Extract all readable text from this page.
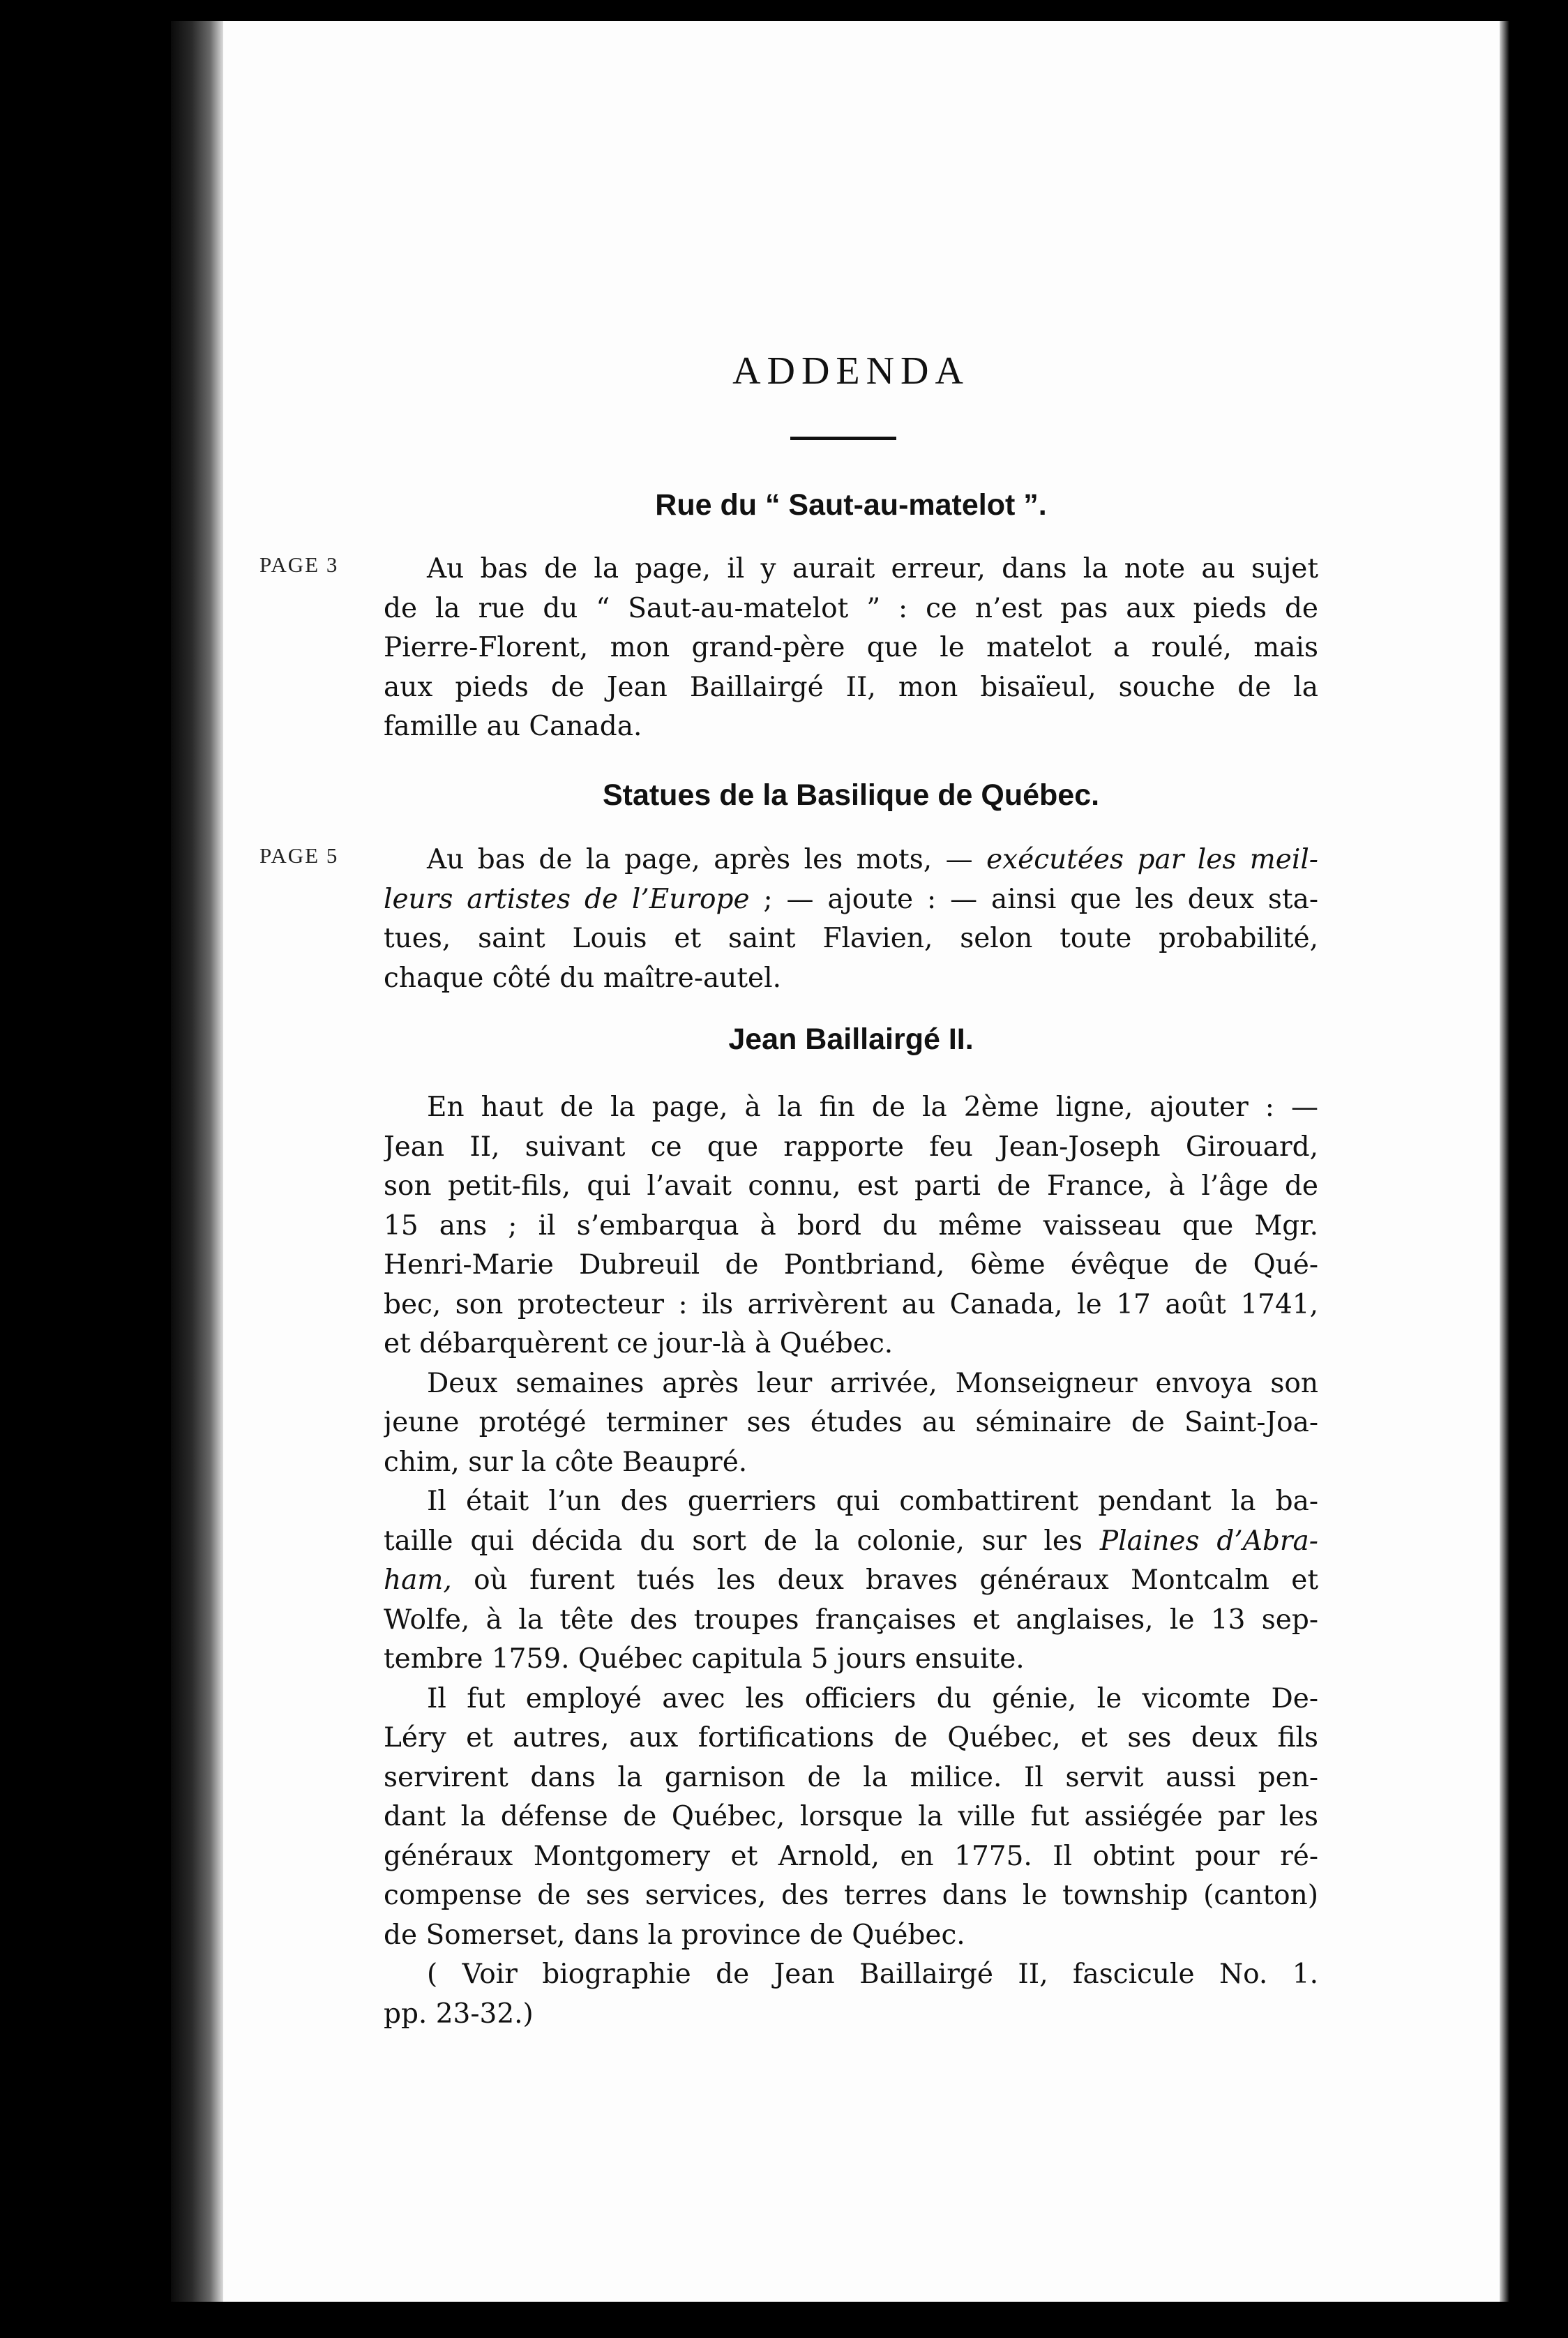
PAGE 3
PAGE 5
ADDENDA
Rue du “ Saut-au-matelot ”.
Au bas de la page, il y aurait erreur, dans la note au sujet
de la rue du “ Saut-au-matelot ” : ce n’est pas aux pieds de
Pierre-Florent, mon grand-père que le matelot a roulé, mais
aux pieds de Jean Baillairgé II, mon bisaïeul, souche de la
famille au Canada.
Statues de la Basilique de Québec.
Au bas de la page, après les mots, — exécutées par les meil-
leurs artistes de l’Europe ; — ajoute : — ainsi que les deux sta-
tues, saint Louis et saint Flavien, selon toute probabilité,
chaque côté du maître-autel.
Jean Baillairgé II.
En haut de la page, à la fin de la 2ème ligne, ajouter : —
Jean II, suivant ce que rapporte feu Jean-Joseph Girouard,
son petit-fils, qui l’avait connu, est parti de France, à l’âge de
15 ans ; il s’embarqua à bord du même vaisseau que Mgr.
Henri-Marie Dubreuil de Pontbriand, 6ème évêque de Qué-
bec, son protecteur : ils arrivèrent au Canada, le 17 août 1741,
et débarquèrent ce jour-là à Québec.
Deux semaines après leur arrivée, Monseigneur envoya son
jeune protégé terminer ses études au séminaire de Saint-Joa-
chim, sur la côte Beaupré.
Il était l’un des guerriers qui combattirent pendant la ba-
taille qui décida du sort de la colonie, sur les Plaines d’Abra-
ham, où furent tués les deux braves généraux Montcalm et
Wolfe, à la tête des troupes françaises et anglaises, le 13 sep-
tembre 1759. Québec capitula 5 jours ensuite.
Il fut employé avec les officiers du génie, le vicomte De-
Léry et autres, aux fortifications de Québec, et ses deux fils
servirent dans la garnison de la milice. Il servit aussi pen-
dant la défense de Québec, lorsque la ville fut assiégée par les
généraux Montgomery et Arnold, en 1775. Il obtint pour ré-
compense de ses services, des terres dans le township (canton)
de Somerset, dans la province de Québec.
( Voir biographie de Jean Baillairgé II, fascicule No. 1.
pp. 23-32.)
